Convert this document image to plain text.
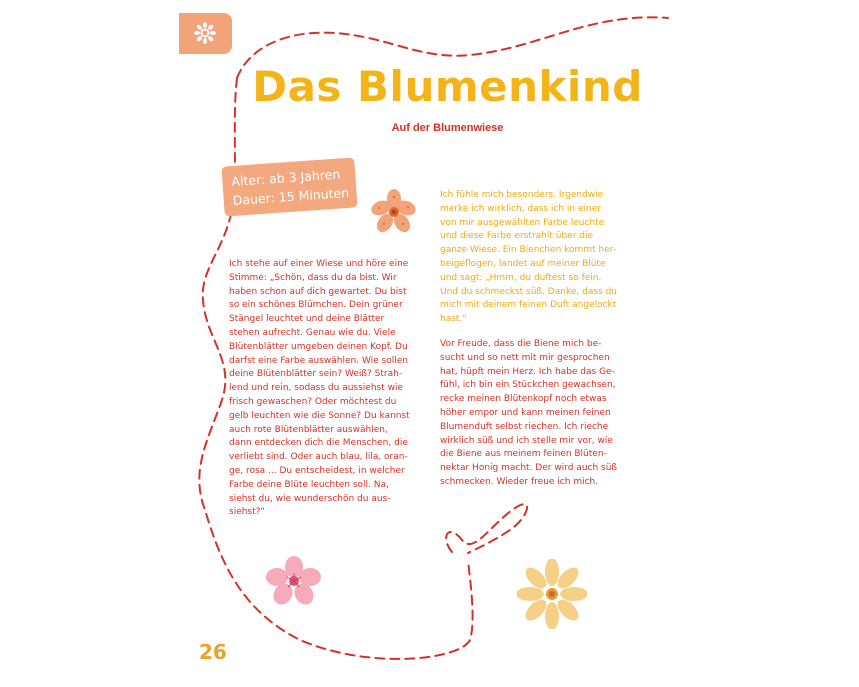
Das Blumenkind
Auf der Blumenwiese
Alter: ab 3 Jahren
Dauer: 15 Minuten

Ich stehe auf einer Wiese und höre eine
Stimme: „Schön, dass du da bist. Wir
haben schon auf dich gewartet. Du bist
so ein schönes Blümchen. Dein grüner
Stängel leuchtet und deine Blätter
stehen aufrecht. Genau wie du. Viele
Blütenblätter umgeben deinen Kopf. Du
darfst eine Farbe auswählen. Wie sollen
deine Blütenblätter sein? Weiß? Strah-
lend und rein, sodass du aussiehst wie
frisch gewaschen? Oder möchtest du
gelb leuchten wie die Sonne? Du kannst
auch rote Blütenblätter auswählen,
dann entdecken dich die Menschen, die
verliebt sind. Oder auch blau, lila, oran-
ge, rosa ... Du entscheidest, in welcher
Farbe deine Blüte leuchten soll. Na,
siehst du, wie wunderschön du aus-
siehst?“

Ich fühle mich besonders. Irgendwie
merke ich wirklich, dass ich in einer
von mir ausgewählten Farbe leuchte
und diese Farbe erstrahlt über die
ganze Wiese. Ein Bienchen kommt her-
beigeflogen, landet auf meiner Blüte
und sagt: „Hmm, du duftest so fein.
Und du schmeckst süß. Danke, dass du
mich mit deinem feinen Duft angelockt
hast.“

Vor Freude, dass die Biene mich be-
sucht und so nett mit mir gesprochen
hat, hüpft mein Herz. Ich habe das Ge-
fühl, ich bin ein Stückchen gewachsen,
recke meinen Blütenkopf noch etwas
höher empor und kann meinen feinen
Blumenduft selbst riechen. Ich rieche
wirklich süß und ich stelle mir vor, wie
die Biene aus meinem feinen Blüten-
nektar Honig macht. Der wird auch süß
schmecken. Wieder freue ich mich.

26
